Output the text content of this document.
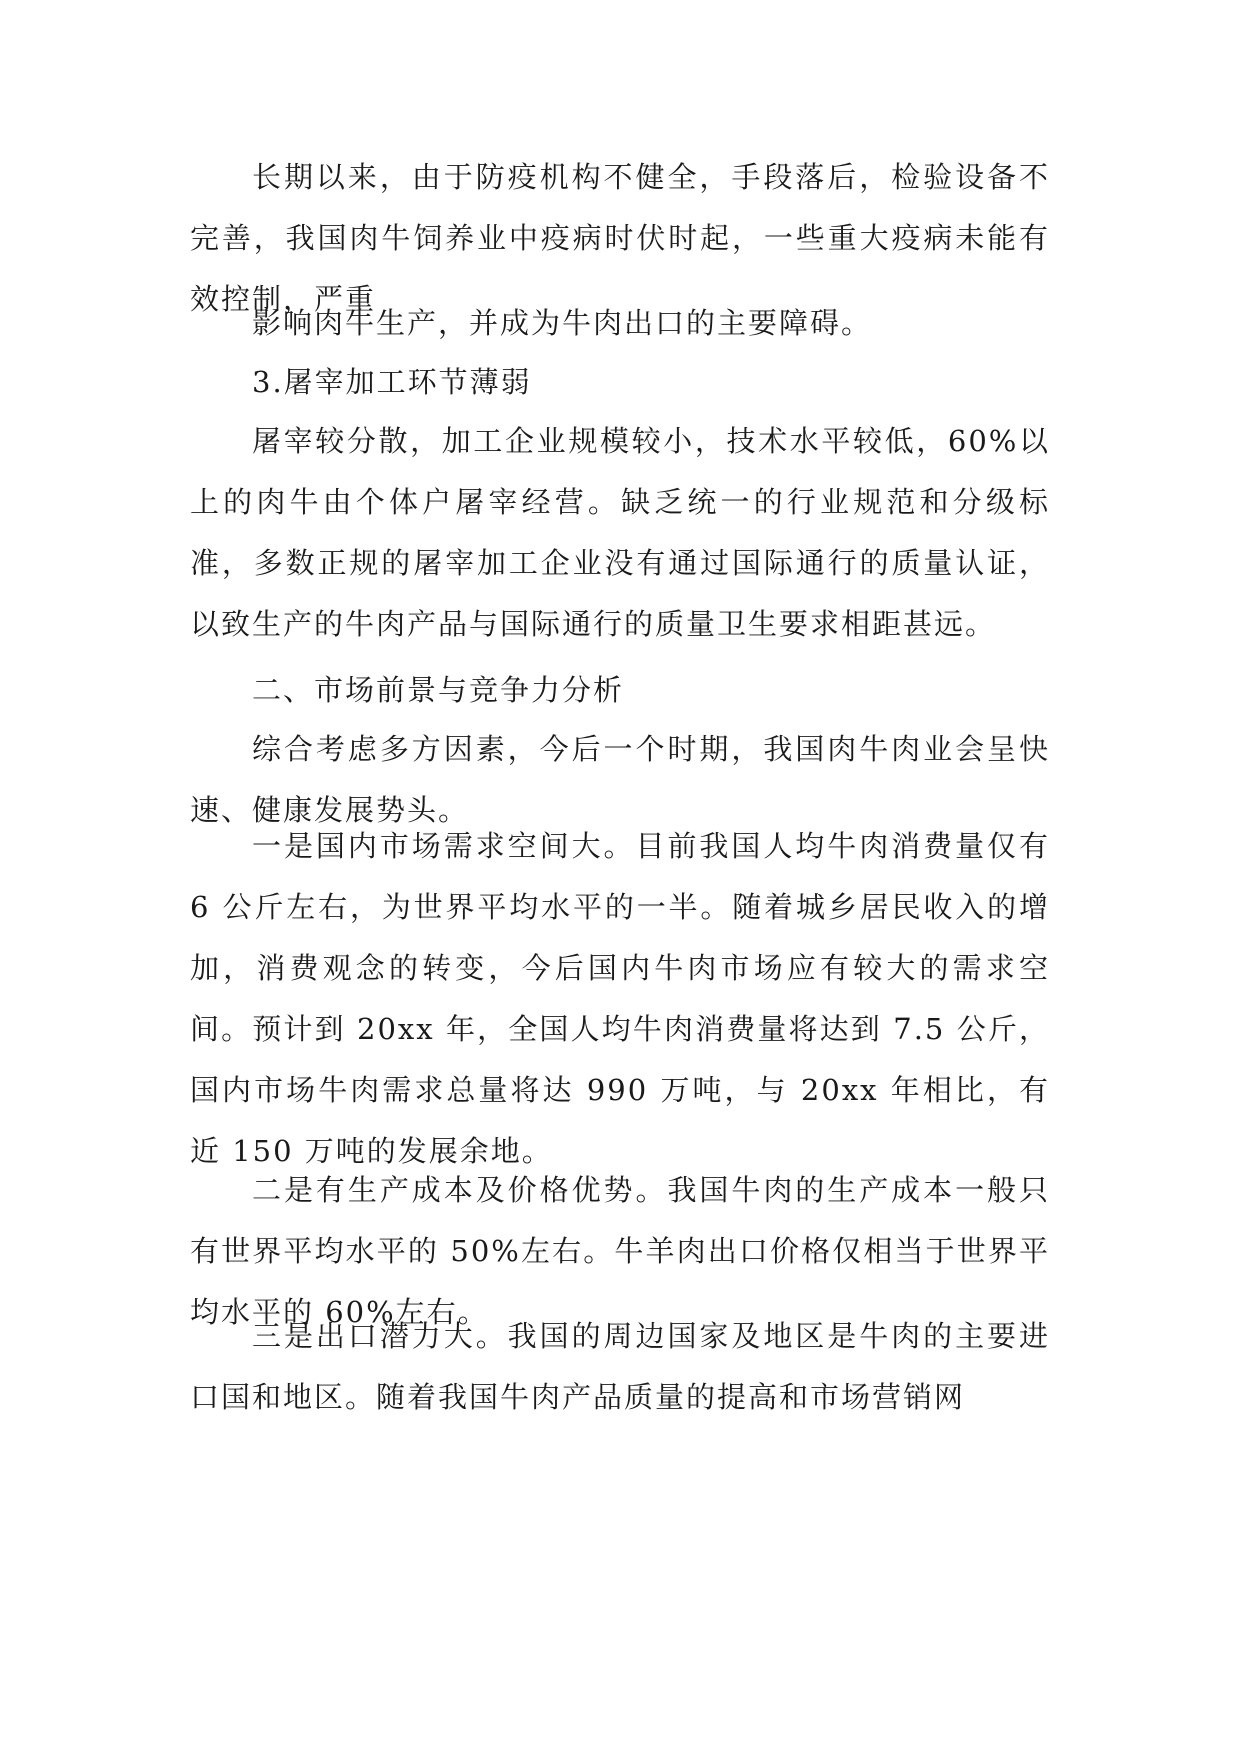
长期以来，由于防疫机构不健全，手段落后，检验设备不完善，我国肉牛饲养业中疫病时伏时起，一些重大疫病未能有效控制，严重

影响肉牛生产，并成为牛肉出口的主要障碍。

3.屠宰加工环节薄弱

屠宰较分散，加工企业规模较小，技术水平较低，60%以上的肉牛由个体户屠宰经营。缺乏统一的行业规范和分级标准，多数正规的屠宰加工企业没有通过国际通行的质量认证，以致生产的牛肉产品与国际通行的质量卫生要求相距甚远。

二、市场前景与竞争力分析

综合考虑多方因素，今后一个时期，我国肉牛肉业会呈快速、健康发展势头。

一是国内市场需求空间大。目前我国人均牛肉消费量仅有 6 公斤左右，为世界平均水平的一半。随着城乡居民收入的增加，消费观念的转变，今后国内牛肉市场应有较大的需求空间。预计到 20xx 年，全国人均牛肉消费量将达到 7.5 公斤，国内市场牛肉需求总量将达 990 万吨，与 20xx 年相比，有近 150 万吨的发展余地。

二是有生产成本及价格优势。我国牛肉的生产成本一般只有世界平均水平的 50%左右。牛羊肉出口价格仅相当于世界平均水平的 60%左右。

三是出口潜力大。我国的周边国家及地区是牛肉的主要进口国和地区。随着我国牛肉产品质量的提高和市场营销网
